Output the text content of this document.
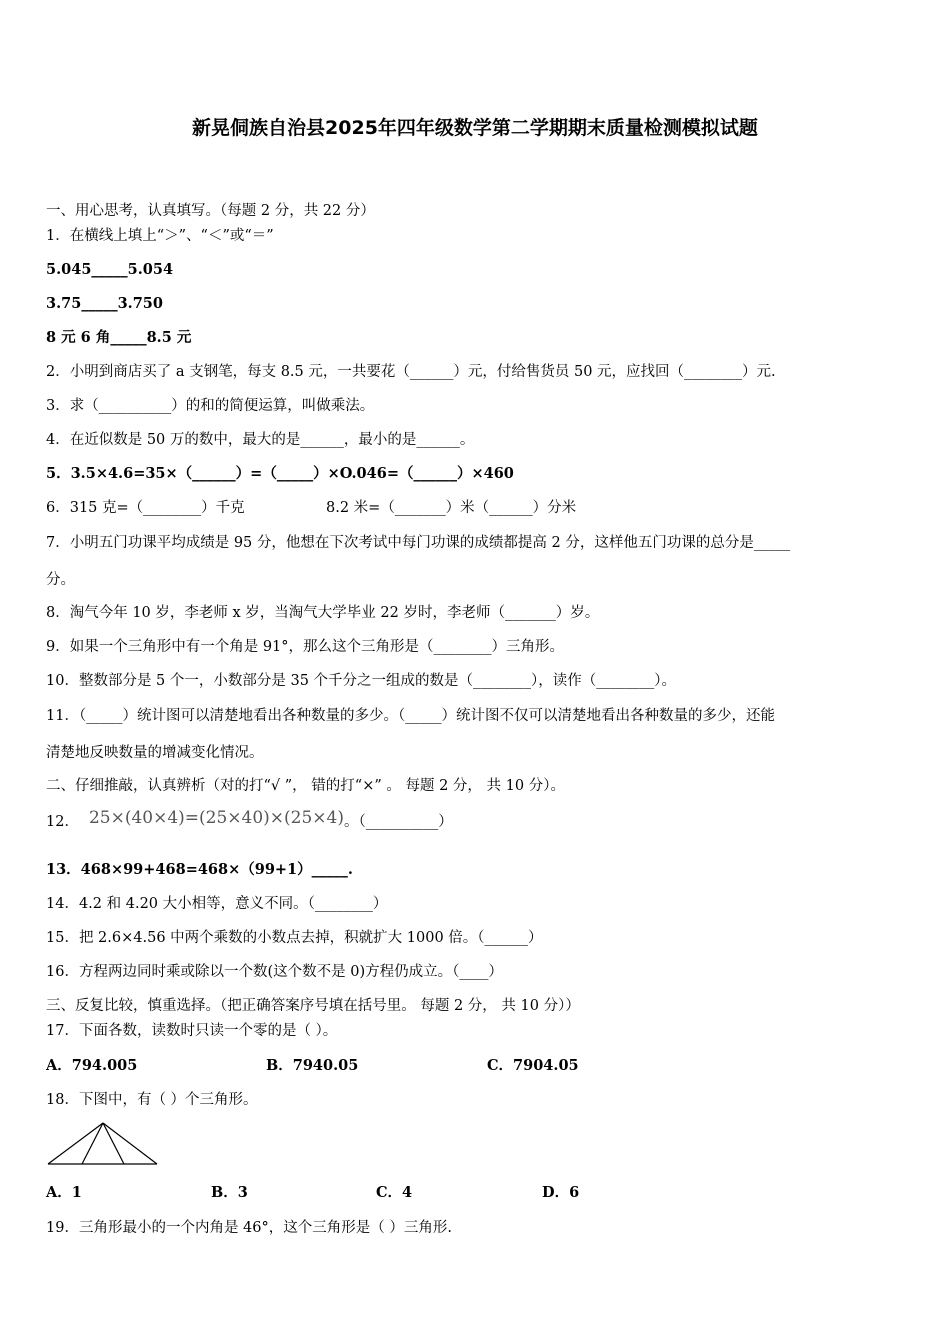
新晃侗族自治县2025年四年级数学第二学期期末质量检测模拟试题
一、用心思考，认真填写。（每题 2 分，共 22 分）
1．在横线上填上“＞”、“＜”或“＝”
5.045_____5.054
3.75_____3.750
8 元 6 角_____8.5 元
2．小明到商店买了 a 支钢笔，每支 8.5 元，一共要花（______）元，付给售货员 50 元，应找回（________）元.
3．求（__________）的和的简便运算，叫做乘法。
4．在近似数是 50 万的数中，最大的是______，最小的是______。
5．3.5×4.6=35×（______）=（_____）×O.046=（______）×460
6．315 克=（________）千克	8.2 米=（_______）米（______）分米
7．小明五门功课平均成绩是 95 分，他想在下次考试中每门功课的成绩都提高 2 分，这样他五门功课的总分是_____
分。
8．淘气今年 10 岁，李老师 x 岁，当淘气大学毕业 22 岁时，李老师（_______）岁。
9．如果一个三角形中有一个角是 91°，那么这个三角形是（________）三角形。
10．整数部分是 5 个一，小数部分是 35 个千分之一组成的数是（________），读作（________）。
11．（_____）统计图可以清楚地看出各种数量的多少。（_____）统计图不仅可以清楚地看出各种数量的多少，还能
清楚地反映数量的增减变化情况。
二、仔细推敲，认真辨析（对的打“√ ”， 错的打“×” 。 每题 2 分， 共 10 分）。
12． 25×(40×4)=(25×40)×(25×4)。（__________）
13．468×99+468=468×（99+1）_____.
14．4.2 和 4.20 大小相等，意义不同。（________）
15．把 2.6×4.56 中两个乘数的小数点去掉，积就扩大 1000 倍。（______）
16．方程两边同时乘或除以一个数(这个数不是 0)方程仍成立。（____）
三、反复比较，慎重选择。（把正确答案序号填在括号里。 每题 2 分， 共 10 分））
17．下面各数，读数时只读一个零的是（ ）。
A．794.005	B．7940.05	C．7904.05
18．下图中，有（ ）个三角形。
A．1	B．3	C．4	D．6
19．三角形最小的一个内角是 46°，这个三角形是（ ）三角形.
